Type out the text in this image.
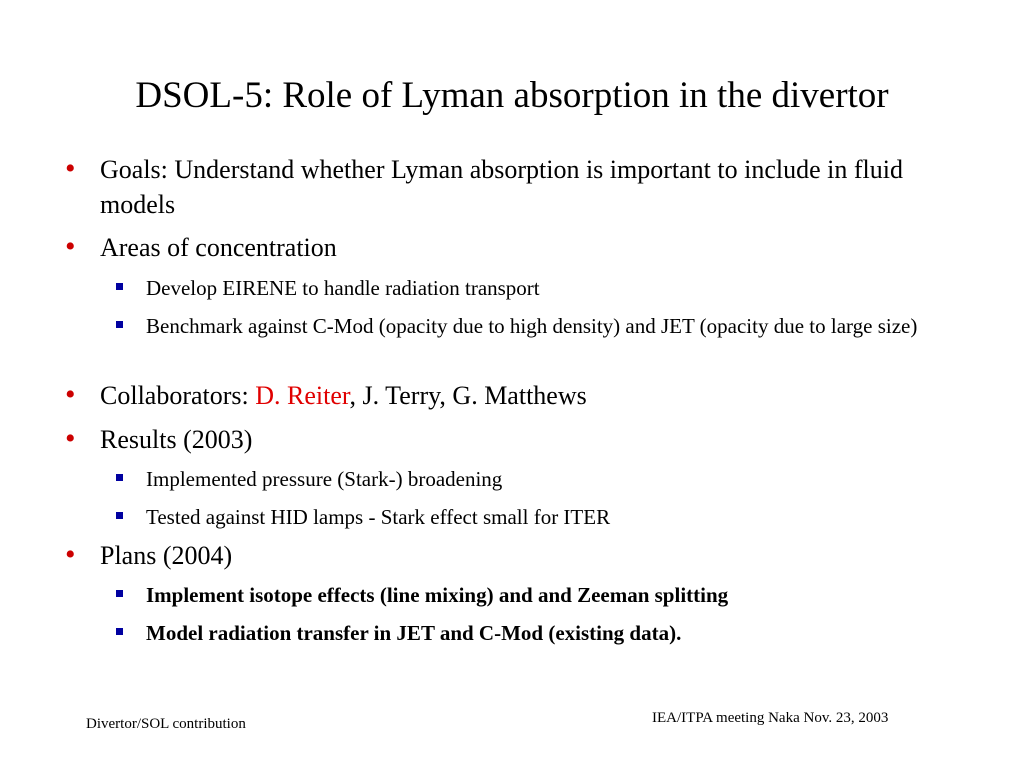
DSOL-5: Role of Lyman absorption in the divertor
• Goals: Understand whether Lyman absorption is important to include in fluid models
• Areas of concentration
Develop EIRENE to handle radiation transport
Benchmark against C-Mod (opacity due to high density) and JET (opacity due to large size)
• Collaborators: D. Reiter, J. Terry, G. Matthews
• Results (2003)
Implemented pressure (Stark-) broadening
Tested against HID lamps - Stark effect small for ITER
• Plans (2004)
Implement isotope effects (line mixing) and and Zeeman splitting
Model radiation transfer in JET and C-Mod (existing data).
Divertor/SOL contribution	IEA/ITPA meeting Naka Nov. 23, 2003
